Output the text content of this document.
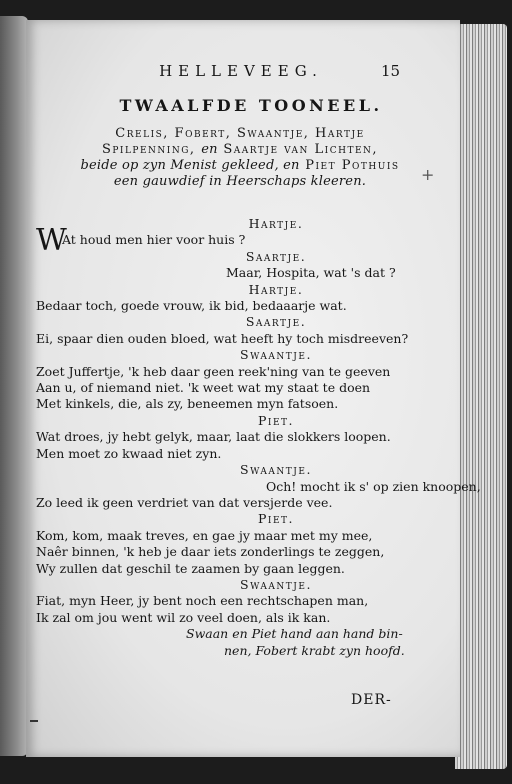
HELLEVEEG.	15
TWAALFDE TOONEEL.
Crelis, Fobert, Swaantje, Hartje
Spilpenning, en Saartje van Lichten,
beide op zyn Menist gekleed, en Piet Pothuis
een gauwdief in Heerschaps kleeren.	+
Hartje.
W
At houd men hier voor huis ?
Saartje.
Maar, Hospita, wat 's dat ?
Hartje.
Bedaar toch, goede vrouw, ik bid, bedaaarje wat.
Saartje.
Ei, spaar dien ouden bloed, wat heeft hy toch misdreeven?
Swaantje.
Zoet Juffertje, 'k heb daar geen reek'ning van te geeven
Aan u, of niemand niet. 'k weet wat my staat te doen
Met kinkels, die, als zy, beneemen myn fatsoen.
Piet.
Wat droes, jy hebt gelyk, maar, laat die slokkers loopen.
Men moet zo kwaad niet zyn.
Swaantje.
Och! mocht ik s' op zien knoopen,
Zo leed ik geen verdriet van dat versjerde vee.
Piet.
Kom, kom, maak treves, en gae jy maar met my mee,
Naêr binnen, 'k heb je daar iets zonderlings te zeggen,
Wy zullen dat geschil te zaamen by gaan leggen.
Swaantje.
Fiat, myn Heer, jy bent noch een rechtschapen man,
Ik zal om jou went wil zo veel doen, als ik kan.
Swaan en Piet hand aan hand bin-
nen, Fobert krabt zyn hoofd.
DER-
